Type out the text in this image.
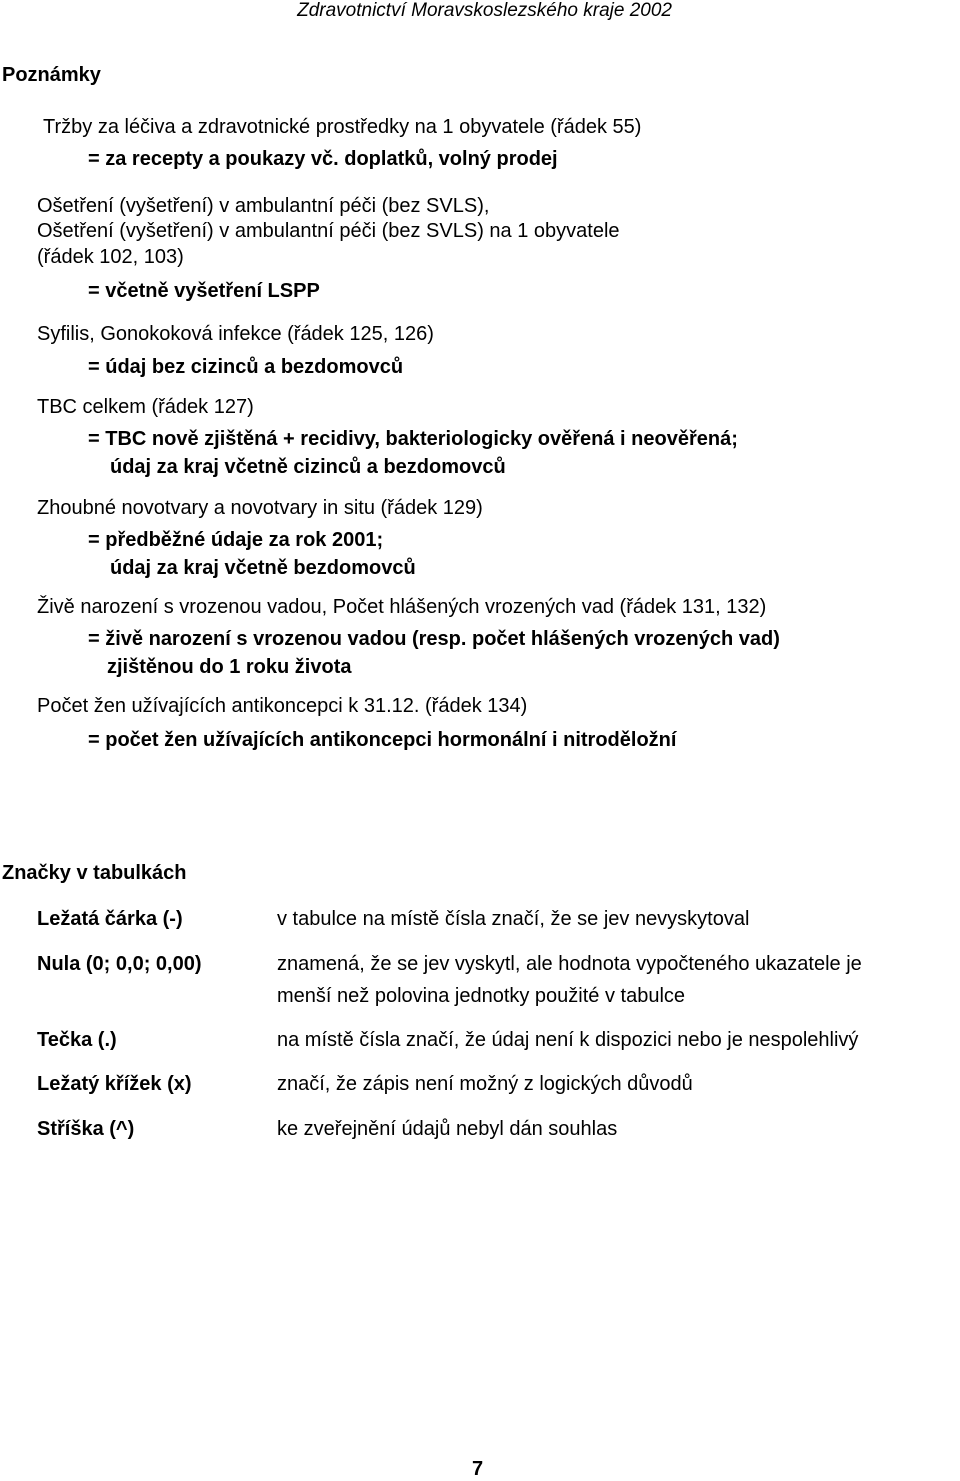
Zdravotnictví Moravskoslezského kraje 2002
Poznámky
Tržby za léčiva a zdravotnické prostředky na 1 obyvatele (řádek 55)
= za recepty a poukazy vč. doplatků, volný prodej
Ošetření (vyšetření) v ambulantní péči (bez SVLS),
Ošetření (vyšetření) v ambulantní péči (bez SVLS) na 1 obyvatele
(řádek 102, 103)
= včetně vyšetření LSPP
Syfilis, Gonokoková infekce (řádek 125, 126)
= údaj bez cizinců a bezdomovců
TBC celkem (řádek 127)
= TBC nově zjištěná + recidivy, bakteriologicky ověřená i neověřená;
údaj za kraj včetně cizinců a bezdomovců
Zhoubné novotvary a novotvary in situ (řádek 129)
= předběžné údaje za rok 2001;
údaj za kraj včetně bezdomovců
Živě narození s vrozenou vadou, Počet hlášených vrozených vad (řádek 131, 132)
= živě narození s vrozenou vadou (resp. počet hlášených vrozených vad)
zjištěnou do 1 roku života
Počet žen užívajících antikoncepci k 31.12. (řádek 134)
= počet žen užívajících antikoncepci hormonální i nitroděložní
Značky v tabulkách
Ležatá čárka (-)	v tabulce na místě čísla značí, že se jev nevyskytoval
Nula (0; 0,0; 0,00)	znamená, že se jev vyskytl, ale hodnota vypočteného ukazatele je
menší než polovina jednotky použité v tabulce
Tečka (.)	na místě čísla značí, že údaj není k dispozici nebo je nespolehlivý
Ležatý křížek (x)	značí, že zápis není možný z logických důvodů
Stříška (^)	ke zveřejnění údajů nebyl dán souhlas
7
